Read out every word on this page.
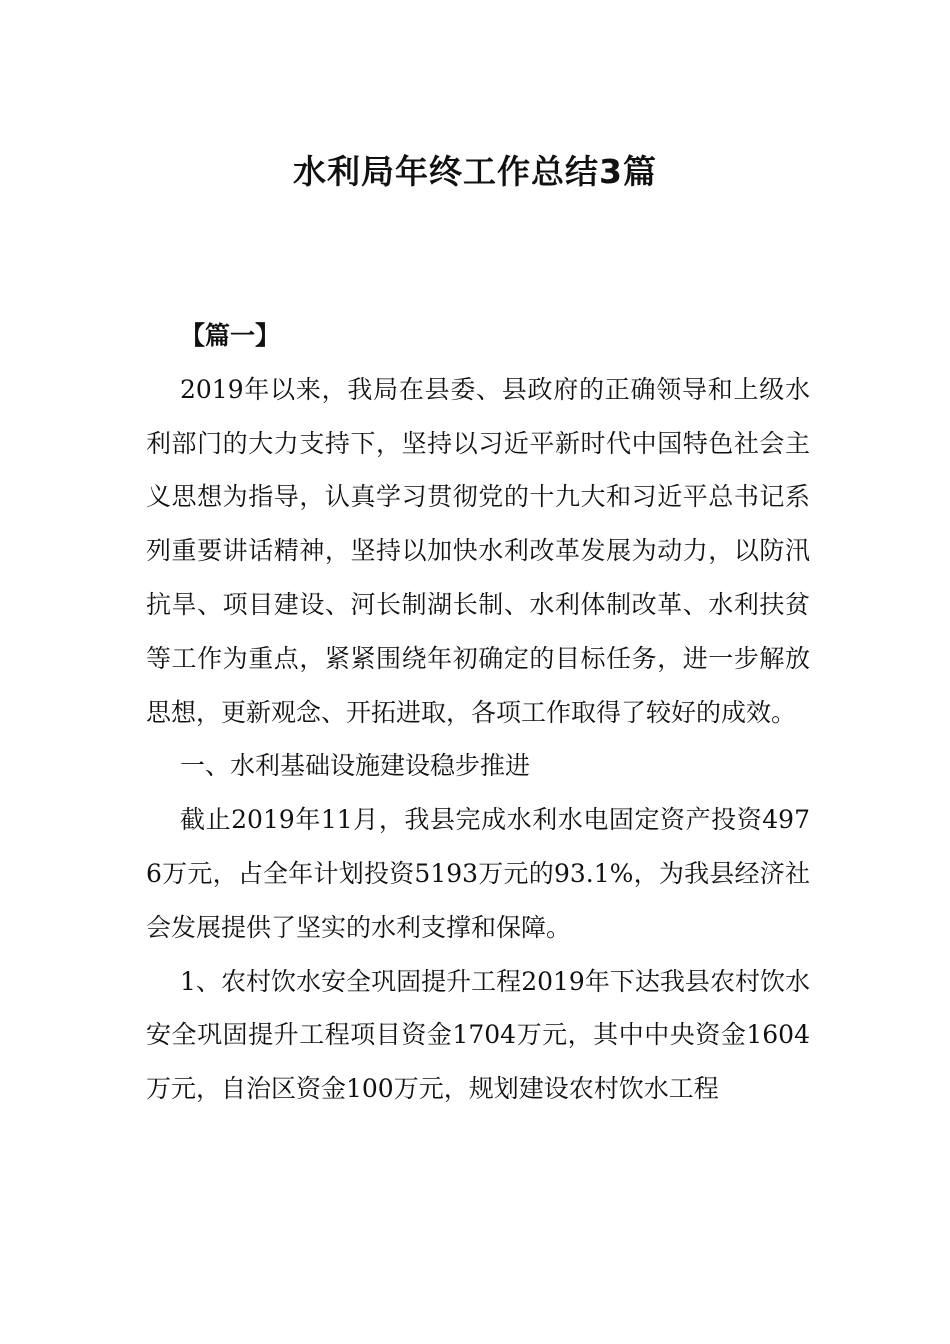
水利局年终工作总结3篇

【篇一】

2019年以来，我局在县委、县政府的正确领导和上级水利部门的大力支持下，坚持以习近平新时代中国特色社会主义思想为指导，认真学习贯彻党的十九大和习近平总书记系列重要讲话精神，坚持以加快水利改革发展为动力，以防汛抗旱、项目建设、河长制湖长制、水利体制改革、水利扶贫等工作为重点，紧紧围绕年初确定的目标任务，进一步解放思想，更新观念、开拓进取，各项工作取得了较好的成效。

一、水利基础设施建设稳步推进

截止2019年11月，我县完成水利水电固定资产投资4976万元，占全年计划投资5193万元的93.1%，为我县经济社会发展提供了坚实的水利支撑和保障。

1、农村饮水安全巩固提升工程2019年下达我县农村饮水安全巩固提升工程项目资金1704万元，其中中央资金1604万元，自治区资金100万元，规划建设农村饮水工程
